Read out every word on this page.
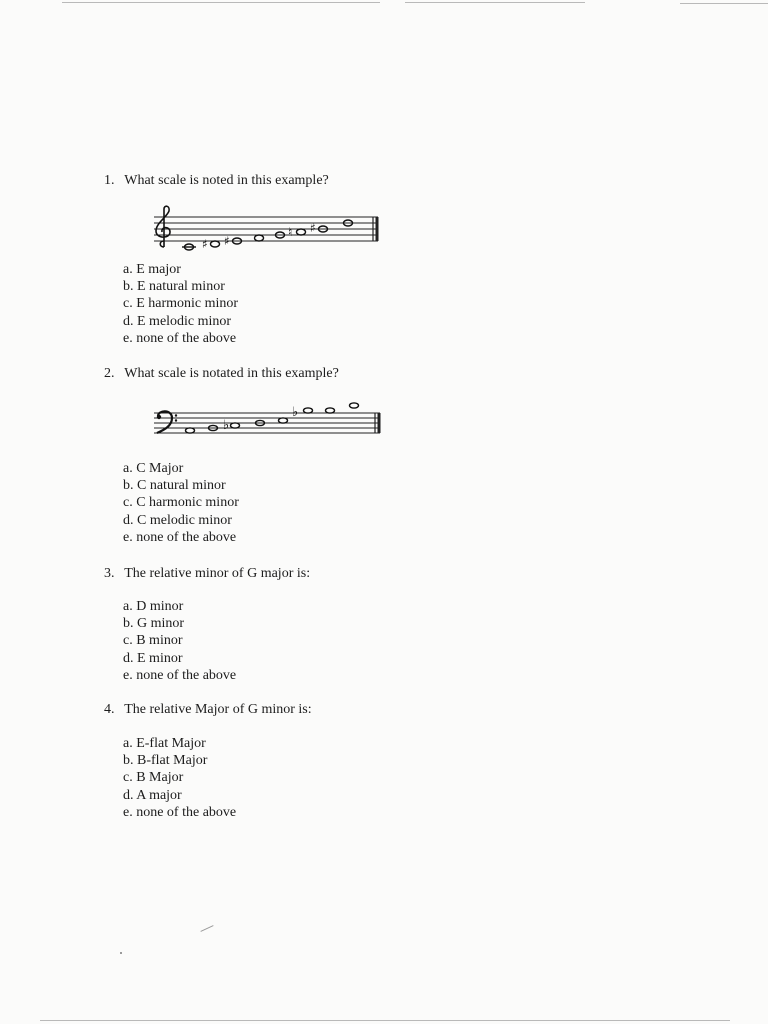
1. What scale is noted in this example?
♯ ♯
♮ ♯
a. E major
b. E natural minor
c. E harmonic minor
d. E melodic minor
e. none of the above
2. What scale is notated in this example?
♭
♭
a. C Major
b. C natural minor
c. C harmonic minor
d. C melodic minor
e. none of the above
3. The relative minor of G major is:
a. D minor
b. G minor
c. B minor
d. E minor
e. none of the above
4. The relative Major of G minor is:
a. E-flat Major
b. B-flat Major
c. B Major
d. A major
e. none of the above
